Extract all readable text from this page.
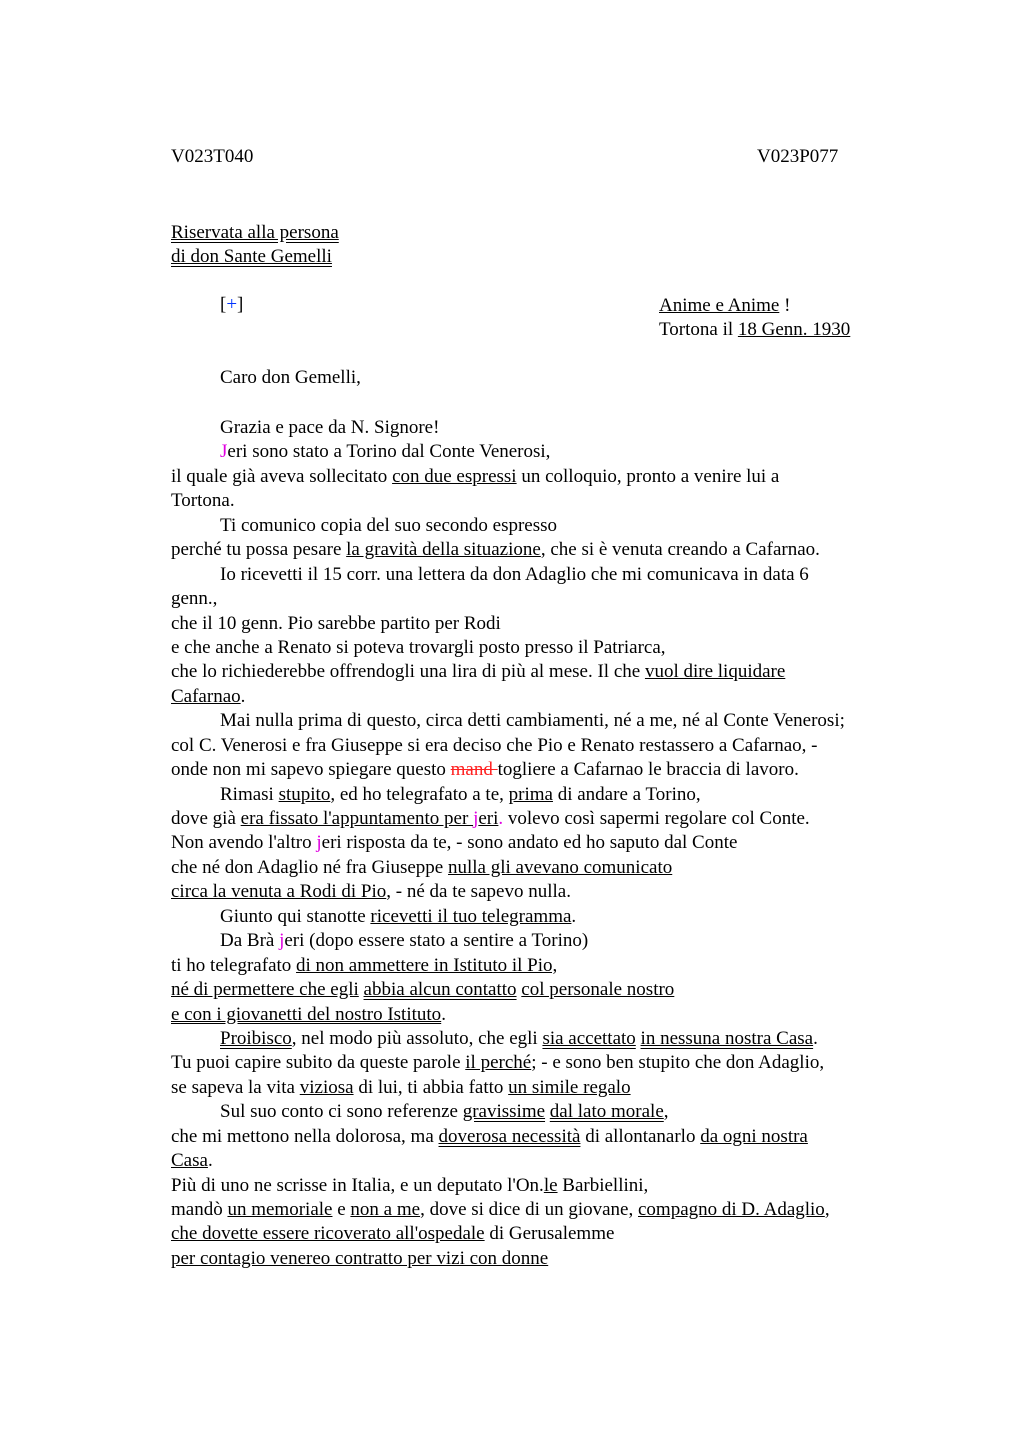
V023T040	V023P077
Riservata alla persona
di don Sante Gemelli
[+]	Anime e Anime !
Tortona il 18 Genn. 1930
Caro don Gemelli,
Grazia e pace da N. Signore!
Jeri sono stato a Torino dal Conte Venerosi,
il quale già aveva sollecitato con due espressi un colloquio, pronto a venire lui a
Tortona.
Ti comunico copia del suo secondo espresso
perché tu possa pesare la gravità della situazione, che si è venuta creando a Cafarnao.
Io ricevetti il 15 corr. una lettera da don Adaglio che mi comunicava in data 6
genn.,
che il 10 genn. Pio sarebbe partito per Rodi
e che anche a Renato si poteva trovargli posto presso il Patriarca,
che lo richiederebbe offrendogli una lira di più al mese. Il che vuol dire liquidare
Cafarnao.
Mai nulla prima di questo, circa detti cambiamenti, né a me, né al Conte Venerosi;
col C. Venerosi e fra Giuseppe si era deciso che Pio e Renato restassero a Cafarnao, -
onde non mi sapevo spiegare questo mand togliere a Cafarnao le braccia di lavoro.
Rimasi stupito, ed ho telegrafato a te, prima di andare a Torino,
dove già era fissato l'appuntamento per jeri. volevo così sapermi regolare col Conte.
Non avendo l'altro jeri risposta da te, - sono andato ed ho saputo dal Conte
che né don Adaglio né fra Giuseppe nulla gli avevano comunicato
circa la venuta a Rodi di Pio, - né da te sapevo nulla.
Giunto qui stanotte ricevetti il tuo telegramma.
Da Brà jeri (dopo essere stato a sentire a Torino)
ti ho telegrafato di non ammettere in Istituto il Pio,
né di permettere che egli abbia alcun contatto col personale nostro
e con i giovanetti del nostro Istituto.
Proibisco, nel modo più assoluto, che egli sia accettato in nessuna nostra Casa.
Tu puoi capire subito da queste parole il perché; - e sono ben stupito che don Adaglio,
se sapeva la vita viziosa di lui, ti abbia fatto un simile regalo
Sul suo conto ci sono referenze gravissime dal lato morale,
che mi mettono nella dolorosa, ma doverosa necessità di allontanarlo da ogni nostra
Casa.
Più di uno ne scrisse in Italia, e un deputato l'On.le Barbiellini,
mandò un memoriale e non a me, dove si dice di un giovane, compagno di D. Adaglio,
che dovette essere ricoverato all'ospedale di Gerusalemme
per contagio venereo contratto per vizi con donne
